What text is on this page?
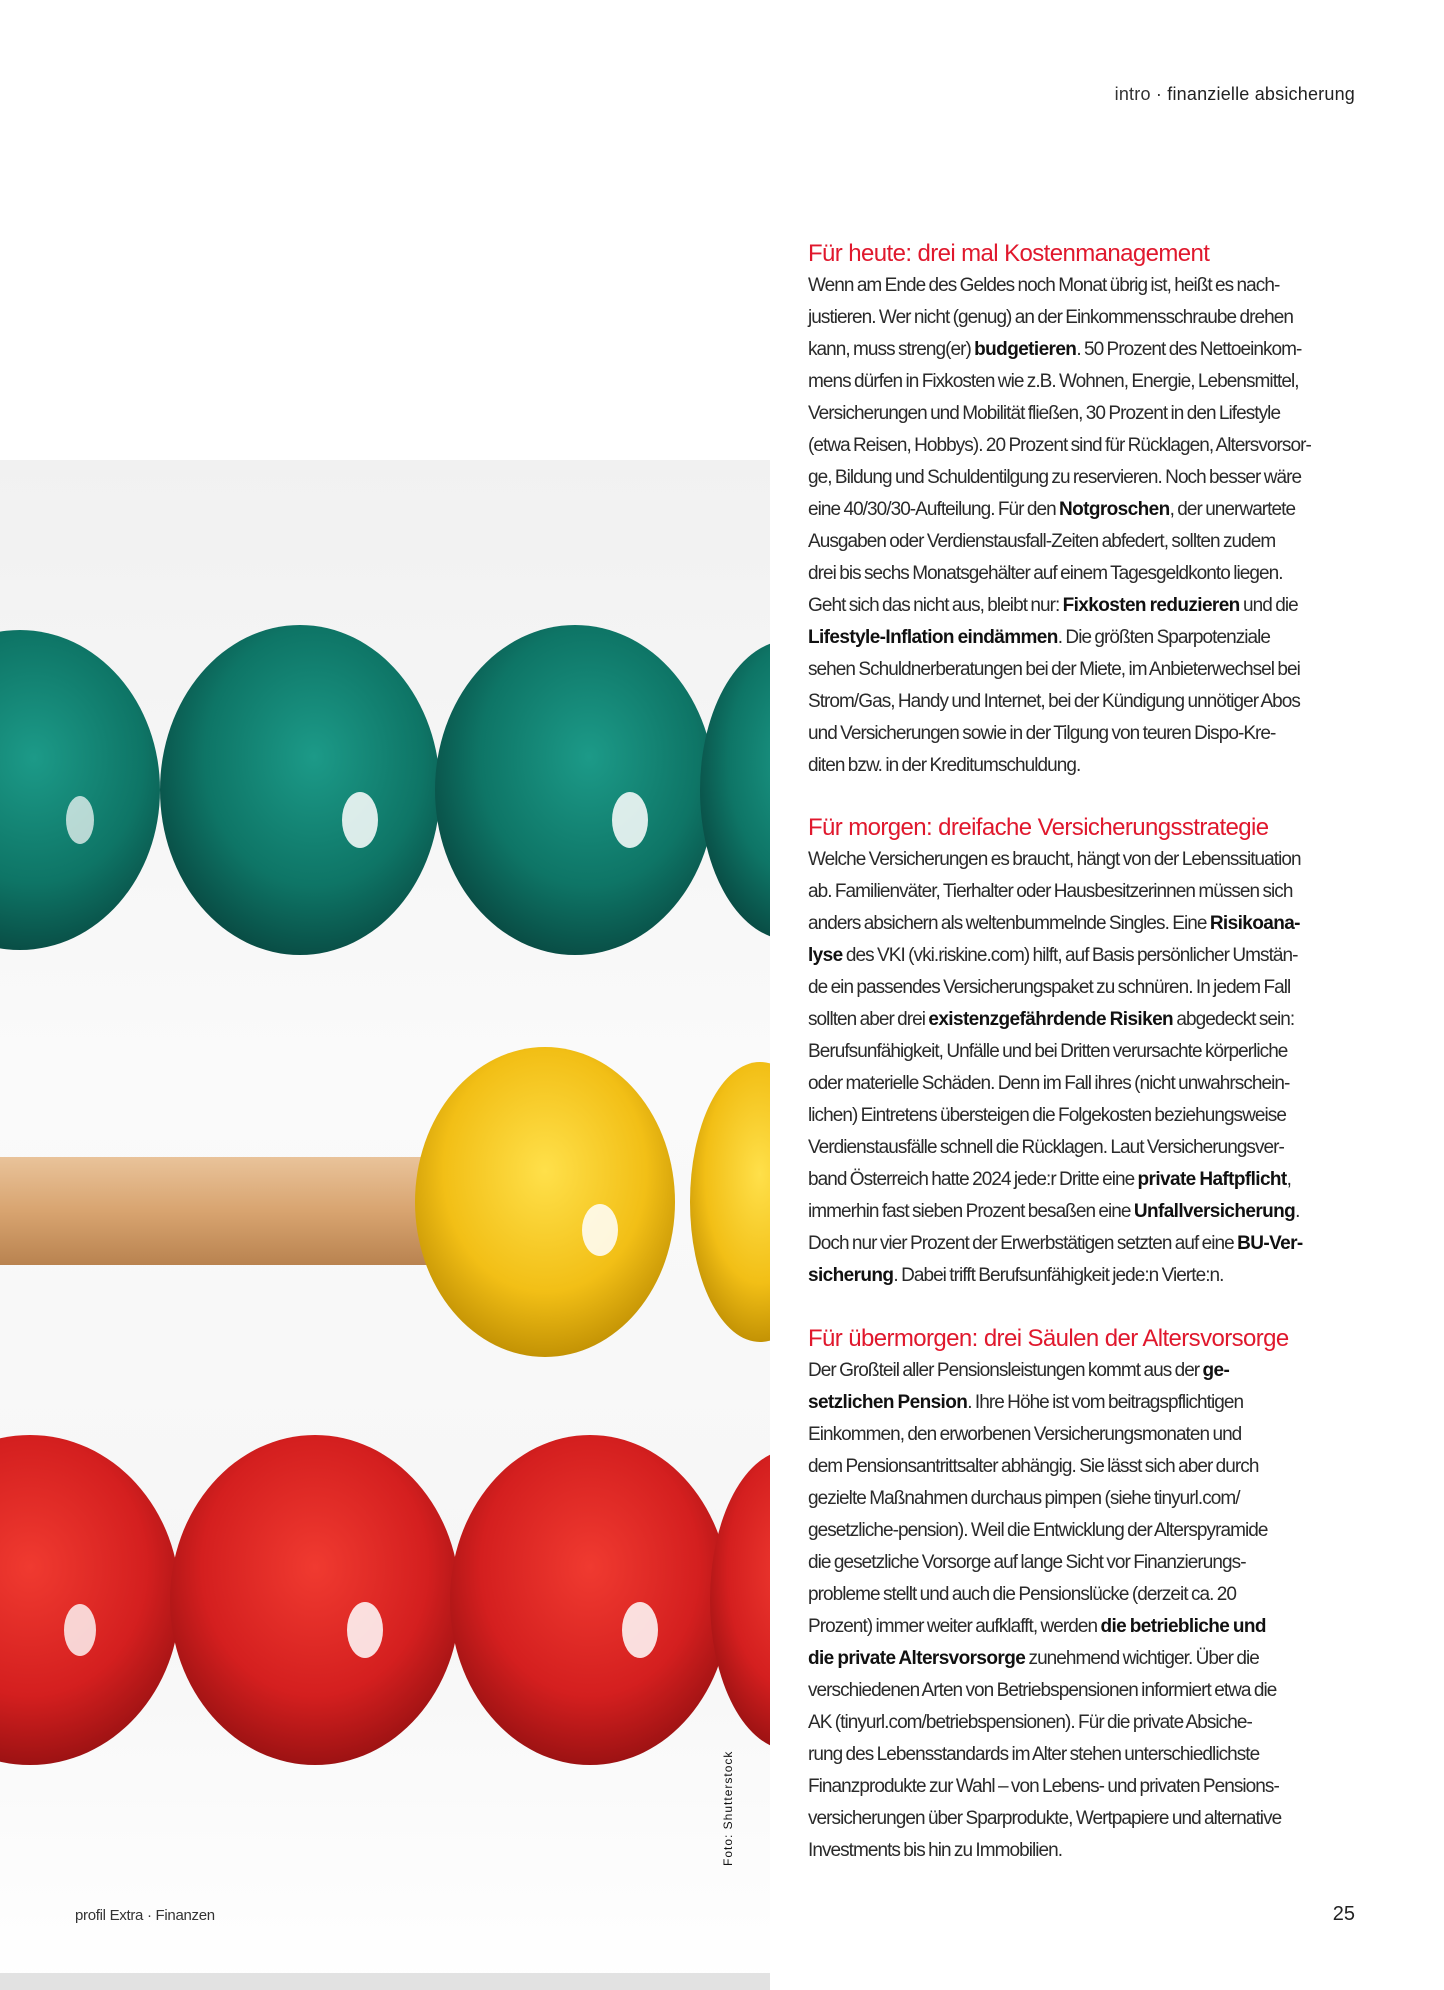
intro · finanzielle absicherung
Foto: Shutterstock
Für heute: drei mal Kostenmanagement
Wenn am Ende des Geldes noch Monat übrig ist, heißt es nach-
justieren. Wer nicht (genug) an der Einkommensschraube drehen
kann, muss streng(er) budgetieren. 50 Prozent des Nettoeinkom-
mens dürfen in Fixkosten wie z.B. Wohnen, Energie, Lebensmittel,
Versicherungen und Mobilität fließen, 30 Prozent in den Lifestyle
(etwa Reisen, Hobbys). 20 Prozent sind für Rücklagen, Altersvorsor-
ge, Bildung und Schuldentilgung zu reservieren. Noch besser wäre
eine 40/30/30-Aufteilung. Für den Notgroschen, der unerwartete
Ausgaben oder Verdienstausfall-Zeiten abfedert, sollten zudem
drei bis sechs Monatsgehälter auf einem Tagesgeldkonto liegen.
Geht sich das nicht aus, bleibt nur: Fixkosten reduzieren und die
Lifestyle-Inflation eindämmen. Die größten Sparpotenziale
sehen Schuldnerberatungen bei der Miete, im Anbieterwechsel bei
Strom/Gas, Handy und Internet, bei der Kündigung unnötiger Abos
und Versicherungen sowie in der Tilgung von teuren Dispo-Kre-
diten bzw. in der Kreditumschuldung.
Für morgen: dreifache Versicherungsstrategie
Welche Versicherungen es braucht, hängt von der Lebenssituation
ab. Familienväter, Tierhalter oder Hausbesitzerinnen müssen sich
anders absichern als weltenbummelnde Singles. Eine Risikoana-
lyse des VKI (vki.riskine.com) hilft, auf Basis persönlicher Umstän-
de ein passendes Versicherungspaket zu schnüren. In jedem Fall
sollten aber drei existenzgefährdende Risiken abgedeckt sein:
Berufsunfähigkeit, Unfälle und bei Dritten verursachte körperliche
oder materielle Schäden. Denn im Fall ihres (nicht unwahrschein-
lichen) Eintretens übersteigen die Folgekosten beziehungsweise
Verdienstausfälle schnell die Rücklagen. Laut Versicherungsver-
band Österreich hatte 2024 jede:r Dritte eine private Haftpflicht,
immerhin fast sieben Prozent besaßen eine Unfallversicherung.
Doch nur vier Prozent der Erwerbstätigen setzten auf eine BU-Ver-
sicherung. Dabei trifft Berufsunfähigkeit jede:n Vierte:n.
Für übermorgen: drei Säulen der Altersvorsorge
Der Großteil aller Pensionsleistungen kommt aus der ge-
setzlichen Pension. Ihre Höhe ist vom beitragspflichtigen
Einkommen, den erworbenen Versicherungsmonaten und
dem Pensionsantrittsalter abhängig. Sie lässt sich aber durch
gezielte Maßnahmen durchaus pimpen (siehe tinyurl.com/
gesetzliche-pension). Weil die Entwicklung der Alterspyramide
die gesetzliche Vorsorge auf lange Sicht vor Finanzierungs-
probleme stellt und auch die Pensionslücke (derzeit ca. 20
Prozent) immer weiter aufklafft, werden die betriebliche und
die private Altersvorsorge zunehmend wichtiger. Über die
verschiedenen Arten von Betriebspensionen informiert etwa die
AK (tinyurl.com/betriebspensionen). Für die private Absiche-
rung des Lebensstandards im Alter stehen unterschiedlichste
Finanzprodukte zur Wahl – von Lebens- und privaten Pensions-
versicherungen über Sparprodukte, Wertpapiere und alternative
Investments bis hin zu Immobilien.
profil Extra · Finanzen	25
